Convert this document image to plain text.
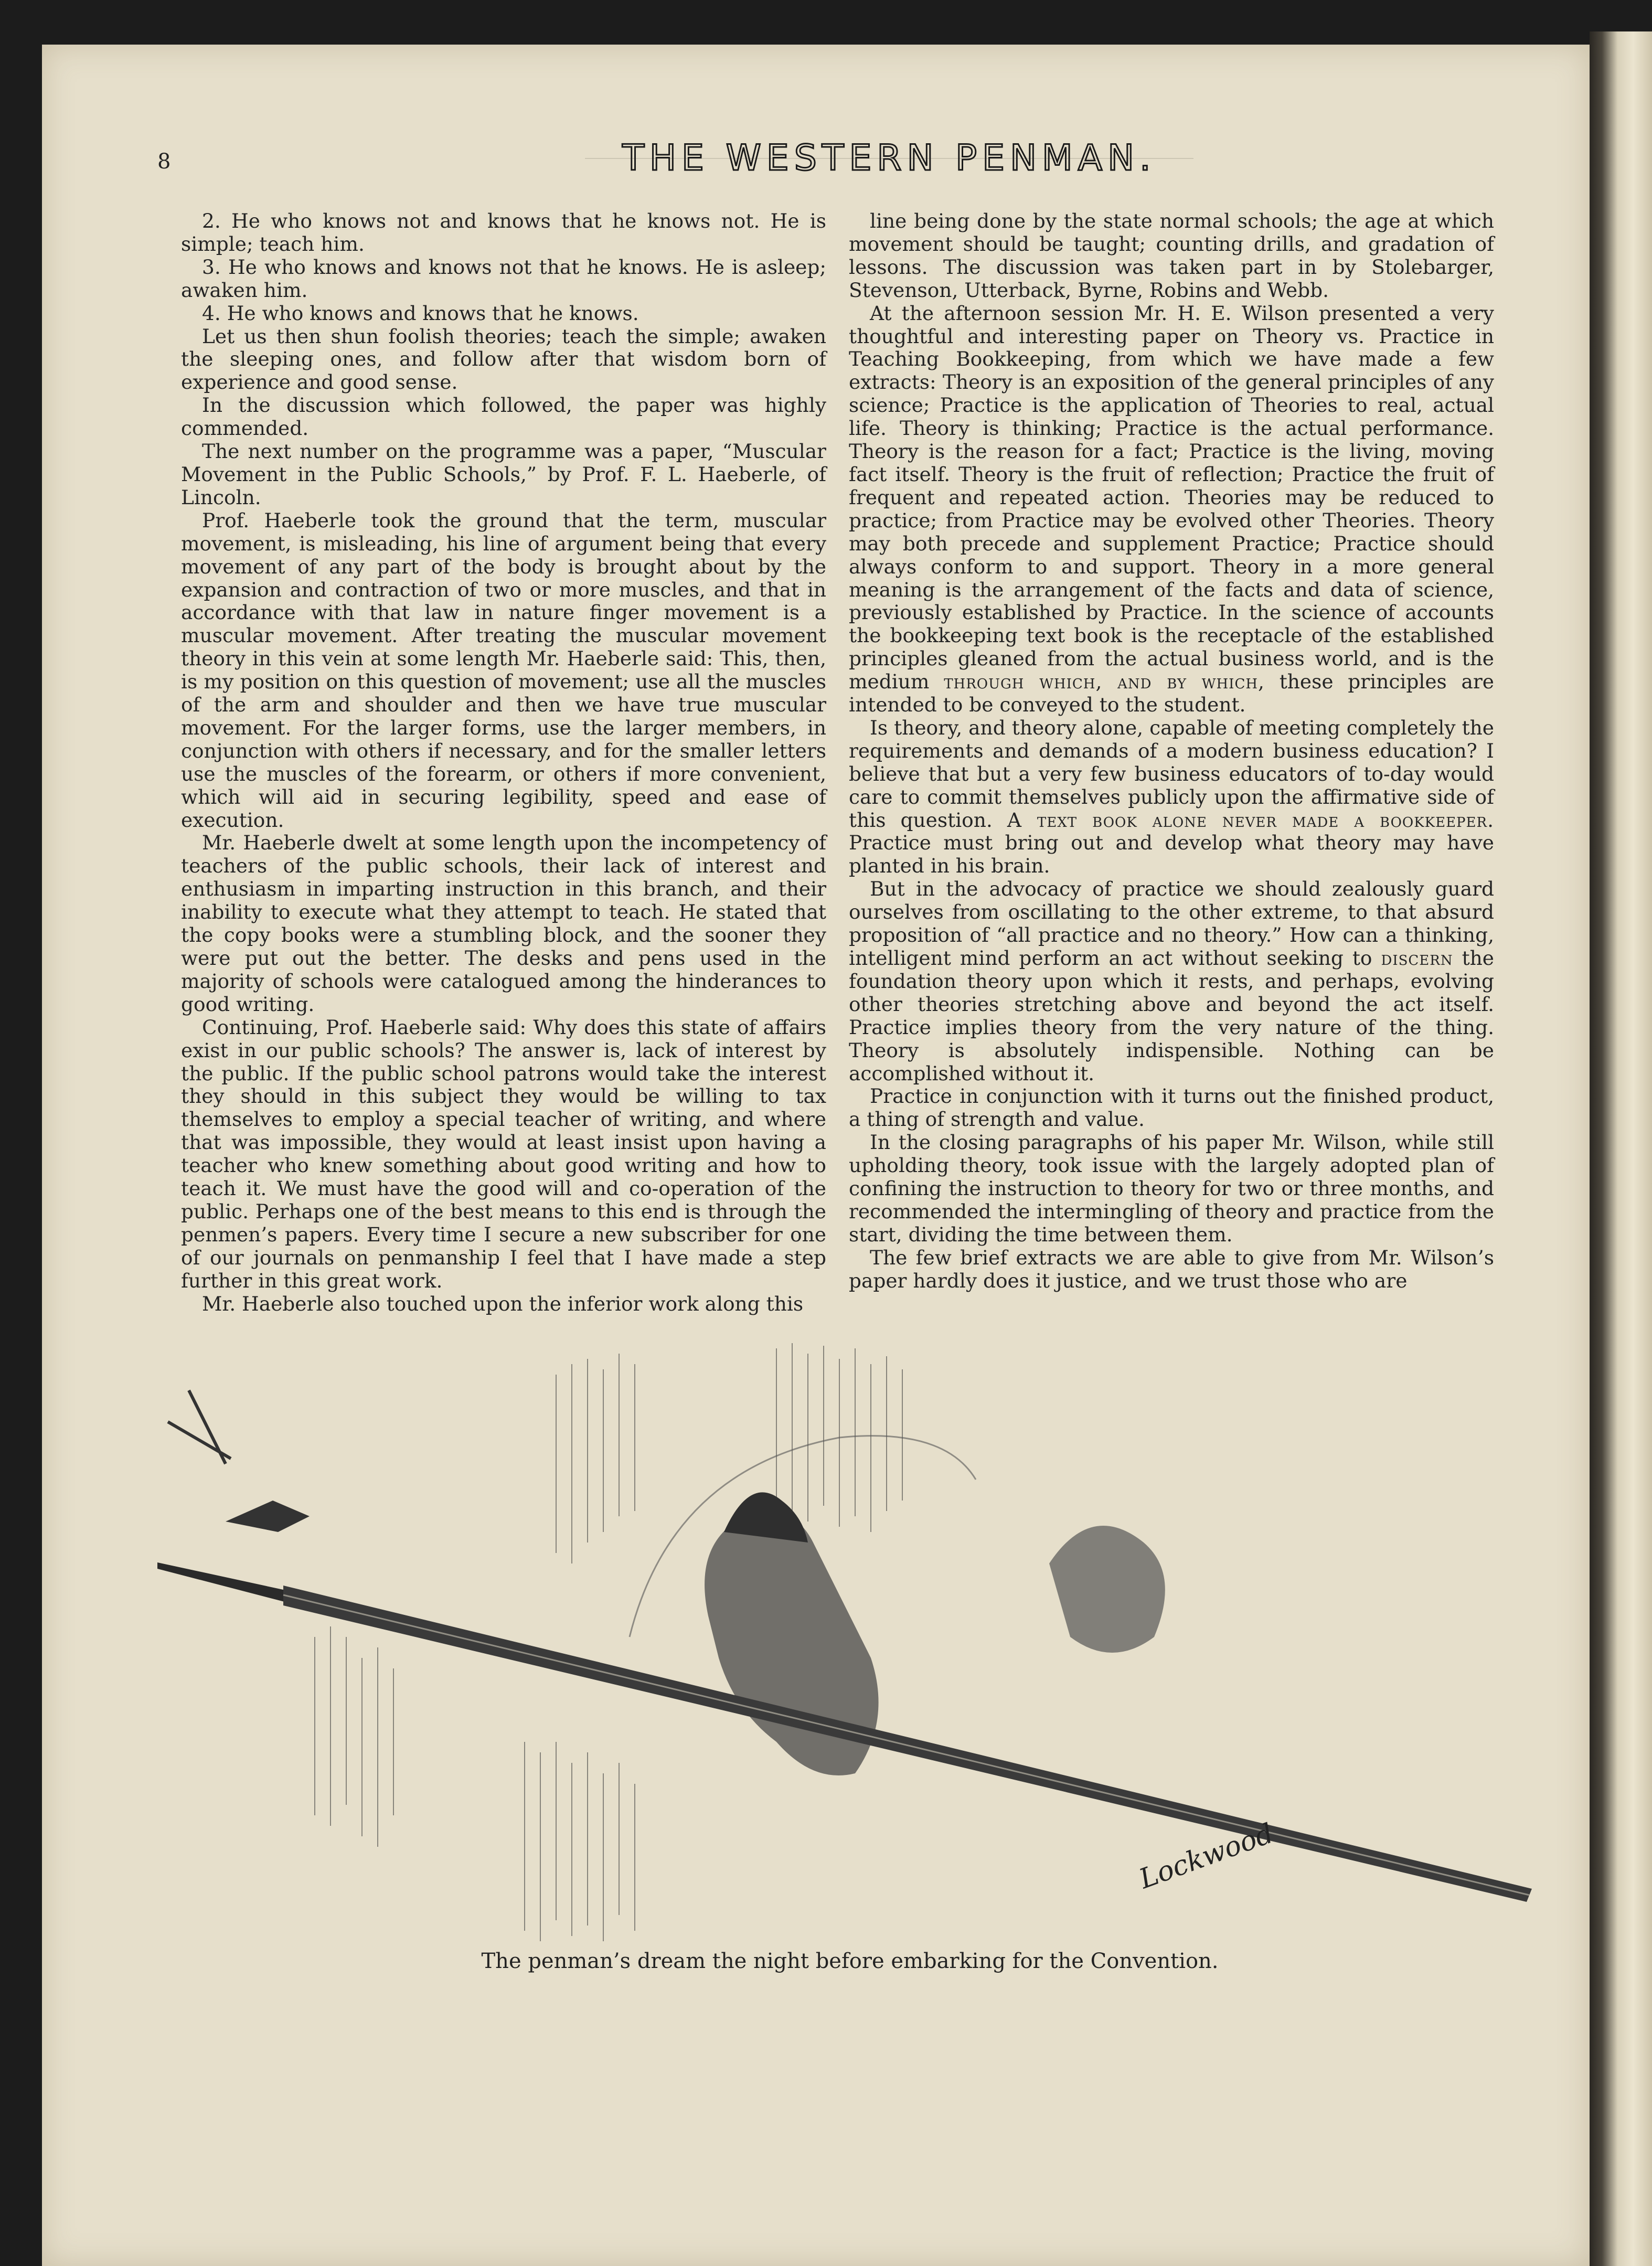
8	THE WESTERN PENMAN.

2. He who knows not and knows that he knows not. He is simple; teach him.

3. He who knows and knows not that he knows. He is asleep; awaken him.

4. He who knows and knows that he knows.

Let us then shun foolish theories; teach the simple; awaken the sleeping ones, and follow after that wisdom born of experience and good sense.

In the discussion which followed, the paper was highly commended.

The next number on the programme was a paper, “Muscular Movement in the Public Schools,” by Prof. F. L. Haeberle, of Lincoln.

Prof. Haeberle took the ground that the term, muscular movement, is misleading, his line of argument being that every movement of any part of the body is brought about by the expansion and contraction of two or more muscles, and that in accordance with that law in nature finger movement is a muscular movement. After treating the muscular movement theory in this vein at some length Mr. Haeberle said: This, then, is my position on this question of movement; use all the muscles of the arm and shoulder and then we have true muscular movement. For the larger forms, use the larger members, in conjunction with others if necessary, and for the smaller letters use the muscles of the forearm, or others if more convenient, which will aid in securing legibility, speed and ease of execution.

Mr. Haeberle dwelt at some length upon the incompetency of teachers of the public schools, their lack of interest and enthusiasm in imparting instruction in this branch, and their inability to execute what they attempt to teach. He stated that the copy books were a stumbling block, and the sooner they were put out the better. The desks and pens used in the majority of schools were catalogued among the hinderances to good writing.

Continuing, Prof. Haeberle said: Why does this state of affairs exist in our public schools? The answer is, lack of interest by the public. If the public school patrons would take the interest they should in this subject they would be willing to tax themselves to employ a special teacher of writing, and where that was impossible, they would at least insist upon having a teacher who knew something about good writing and how to teach it. We must have the good will and co-operation of the public. Perhaps one of the best means to this end is through the penmen’s papers. Every time I secure a new subscriber for one of our journals on penmanship I feel that I have made a step further in this great work.

Mr. Haeberle also touched upon the inferior work along this

line being done by the state normal schools; the age at which movement should be taught; counting drills, and gradation of lessons. The discussion was taken part in by Stolebarger, Stevenson, Utterback, Byrne, Robins and Webb.

At the afternoon session Mr. H. E. Wilson presented a very thoughtful and interesting paper on Theory vs. Practice in Teaching Bookkeeping, from which we have made a few extracts: Theory is an exposition of the general principles of any science; Practice is the application of Theories to real, actual life. Theory is thinking; Practice is the actual performance. Theory is the reason for a fact; Practice is the living, moving fact itself. Theory is the fruit of reflection; Practice the fruit of frequent and repeated action. Theories may be reduced to practice; from Practice may be evolved other Theories. Theory may both precede and supplement Practice; Practice should always conform to and support. Theory in a more general meaning is the arrangement of the facts and data of science, previously established by Practice. In the science of accounts the bookkeeping text book is the receptacle of the established principles gleaned from the actual business world, and is the medium through which, and by which, these principles are intended to be conveyed to the student.

Is theory, and theory alone, capable of meeting completely the requirements and demands of a modern business education? I believe that but a very few business educators of to-day would care to commit themselves publicly upon the affirmative side of this question. A text book alone never made a bookkeeper. Practice must bring out and develop what theory may have planted in his brain.

But in the advocacy of practice we should zealously guard ourselves from oscillating to the other extreme, to that absurd proposition of “all practice and no theory.” How can a thinking, intelligent mind perform an act without seeking to discern the foundation theory upon which it rests, and perhaps, evolving other theories stretching above and beyond the act itself. Practice implies theory from the very nature of the thing. Theory is absolutely indispensible. Nothing can be accomplished without it.

Practice in conjunction with it turns out the finished product, a thing of strength and value.

In the closing paragraphs of his paper Mr. Wilson, while still upholding theory, took issue with the largely adopted plan of confining the instruction to theory for two or three months, and recommended the intermingling of theory and practice from the start, dividing the time between them.

The few brief extracts we are able to give from Mr. Wilson’s paper hardly does it justice, and we trust those who are

Lockwood
The penman’s dream the night before embarking for the Convention.
